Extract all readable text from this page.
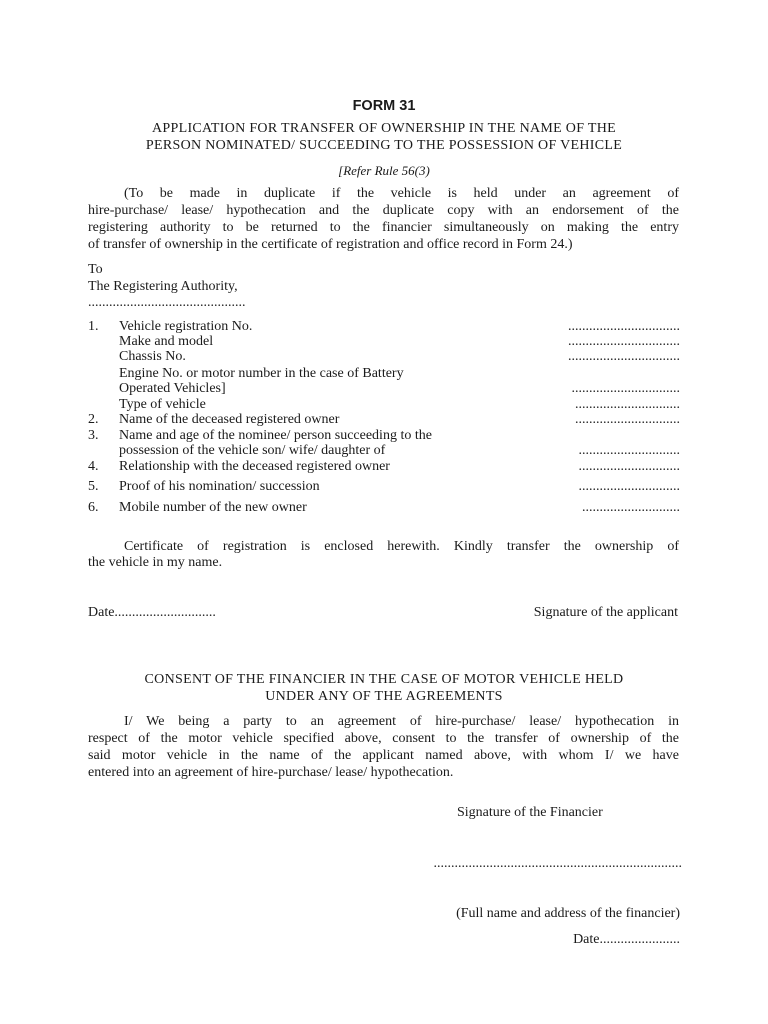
FORM 31
APPLICATION FOR TRANSFER OF OWNERSHIP IN THE NAME OF THE
PERSON NOMINATED/ SUCCEEDING TO THE POSSESSION OF VEHICLE
[Refer Rule 56(3)
(To be made in duplicate if the vehicle is held under an agreement of
hire-purchase/ lease/ hypothecation and the duplicate copy with an endorsement of the
registering authority to be returned to the financier simultaneously on making the entry
of transfer of ownership in the certificate of registration and office record in Form 24.)
To
The Registering Authority,
.............................................
1. Vehicle registration No.	................................
Make and model	................................
Chassis No.	................................
Engine No. or motor number in the case of Battery
Operated Vehicles]	...............................
Type of vehicle	..............................
2. Name of the deceased registered owner	..............................
3. Name and age of the nominee/ person succeeding to the
possession of the vehicle son/ wife/ daughter of	.............................
4. Relationship with the deceased registered owner	.............................
5. Proof of his nomination/ succession	.............................
6. Mobile number of the new owner	............................
Certificate of registration is enclosed herewith. Kindly transfer the ownership of
the vehicle in my name.
Date.............................	Signature of the applicant
CONSENT OF THE FINANCIER IN THE CASE OF MOTOR VEHICLE HELD
UNDER ANY OF THE AGREEMENTS
I/ We being a party to an agreement of hire-purchase/ lease/ hypothecation in
respect of the motor vehicle specified above, consent to the transfer of ownership of the
said motor vehicle in the name of the applicant named above, with whom I/ we have
entered into an agreement of hire-purchase/ lease/ hypothecation.
Signature of the Financier
.......................................................................
(Full name and address of the financier)
Date.......................
